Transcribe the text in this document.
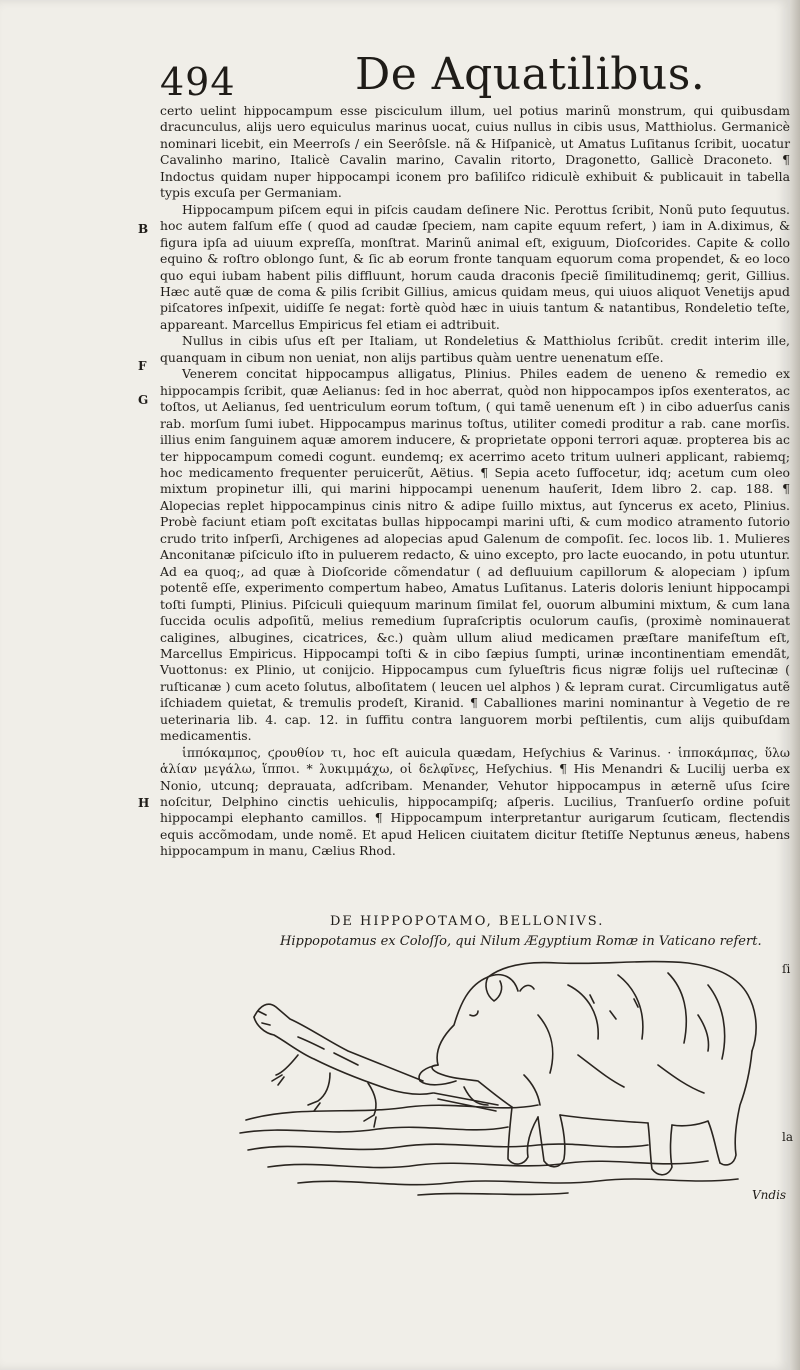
494	De Aquatilibus.
B
F
G
H

certo uelint hippocampum esse pisciculum illum, uel potius marinũ monstrum, qui quibusdam dracunculus, alijs uero equiculus marinus uocat, cuius nullus in cibis usus, Matthiolus. Germanicè nominari licebit, ein Meerroſs / ein Seerôſsle. nã & Hiſpanicè, ut Amatus Luſitanus ſcribit, uocatur Cavalinho marino, Italicè Cavalin marino, Cavalin ritorto, Dragonetto, Gallicè Draconeto. ¶ Indoctus quidam nuper hippocampi iconem pro baſiliſco ridiculè exhibuit & publicauit in tabella typis excuſa per Germaniam.

Hippocampum piſcem equi in piſcis caudam deſinere Nic. Perottus ſcribit, Nonũ puto ſequutus. hoc autem falſum eſſe ( quod ad caudæ ſpeciem, nam capite equum refert, ) iam in A.diximus, & figura ipſa ad uiuum expreſſa, monſtrat. Marinũ animal eſt, exiguum, Dioſcorides. Capite & collo equino & roſtro oblongo ſunt, & ſic ab eorum fronte tanquam equorum coma propendet, & eo loco quo equi iubam habent pilis diffluunt, horum cauda draconis ſpeciẽ ſimilitudinemq; gerit, Gillius. Hæc autẽ quæ de coma & pilis ſcribit Gillius, amicus quidam meus, qui uiuos aliquot Venetijs apud piſcatores inſpexit, uidiſſe ſe negat: fortè quòd hæc in uiuis tantum & natantibus, Rondeletio teſte, appareant. Marcellus Empiricus fel etiam ei adtribuit.

Nullus in cibis uſus eſt per Italiam, ut Rondeletius & Matthiolus ſcribũt. credit interim ille, quanquam in cibum non ueniat, non alijs partibus quàm uentre uenenatum eſſe.

Venerem concitat hippocampus alligatus, Plinius. Philes eadem de ueneno & remedio ex hippocampis ſcribit, quæ Aelianus: ſed in hoc aberrat, quòd non hippocampos ipſos exenteratos, ac toſtos, ut Aelianus, ſed uentriculum eorum toſtum, ( qui tamẽ uenenum eſt ) in cibo aduerſus canis rab. morſum ſumi iubet. Hippocampus marinus toſtus, utiliter comedi proditur a rab. cane morſis. illius enim ſanguinem aquæ amorem inducere, & proprietate opponi terrori aquæ. propterea bis ac ter hippocampum comedi cogunt. eundemq; ex acerrimo aceto tritum uulneri applicant, rabiemq; hoc medicamento frequenter peruicerũt, Aëtius. ¶ Sepia aceto ſuffocetur, idq; acetum cum oleo mixtum propinetur illi, qui marini hippocampi uenenum hauſerit, Idem libro 2. cap. 188. ¶ Alopecias replet hippocampinus cinis nitro & adipe ſuillo mixtus, aut ſyncerus ex aceto, Plinius. Probè faciunt etiam poſt excitatas bullas hippocampi marini uſti, & cum modico atramento ſutorio crudo trito inſperſi, Archigenes ad alopecias apud Galenum de compoſit. ſec. locos lib. 1. Mulieres Anconitanæ piſciculo iſto in puluerem redacto, & uino excepto, pro lacte euocando, in potu utuntur. Ad ea quoq;, ad quæ à Dioſcoride cõmendatur ( ad defluuium capillorum & alopeciam ) ipſum potentẽ eſſe, experimento compertum habeo, Amatus Luſitanus. Lateris doloris leniunt hippocampi toſti ſumpti, Plinius. Piſciculi quiequum marinum ſimilat fel, ouorum albumini mixtum, & cum lana ſuccida oculis adpoſitũ, melius remedium ſupraſcriptis oculorum cauſis, (proximè nominauerat caligines, albugines, cicatrices, &c.) quàm ullum aliud medicamen præſtare manifeſtum eſt, Marcellus Empiricus. Hippocampi toſti & in cibo ſæpius ſumpti, urinæ incontinentiam emendãt, Vuottonus: ex Plinio, ut conijcio. Hippocampus cum ſylueſtris ficus nigræ folijs uel ruſtecinæ ( ruſticanæ ) cum aceto ſolutus, alboſitatem ( leucen uel alphos ) & lepram curat. Circumligatus autẽ iſchiadem quietat, & tremulis prodeſt, Kiranid. ¶ Caballiones marini nominantur à Vegetio de re ueterinaria lib. 4. cap. 12. in ſuffitu contra languorem morbi peſtilentis, cum alijs quibuſdam medicamentis.

ἱππόκαμπος, ϛρουθίον τι, hoc eſt auicula quædam, Heſychius & Varinus. · ἱπποκάμπας, ὕλω ἁλίαν μεγάλω, ἵπποι. * λυκιμμάχω, οἱ δελφῖνες, Heſychius. ¶ His Menandri & Lucilij uerba ex Nonio, utcunq; deprauata, adſcribam. Menander, Vehutor hippocampus in æternẽ uſus ſcire noſcitur, Delphino cinctis uehiculis, hippocampiſq; aſperis. Lucilius, Tranſuerſo ordine poſuit hippocampi elephanto camillos. ¶ Hippocampum interpretantur aurigarum ſcuticam, flectendis equis accõmodam, unde nomẽ. Et apud Helicen ciuitatem dicitur ſtetiſſe Neptunus æneus, habens hippocampum in manu, Cælius Rhod.

DE HIPPOPOTAMO, BELLONIVS.
Hippopotamus ex Coloſſo, qui Nilum Ægyptium Romæ in Vaticano refert.
ſi
la
Vndis
